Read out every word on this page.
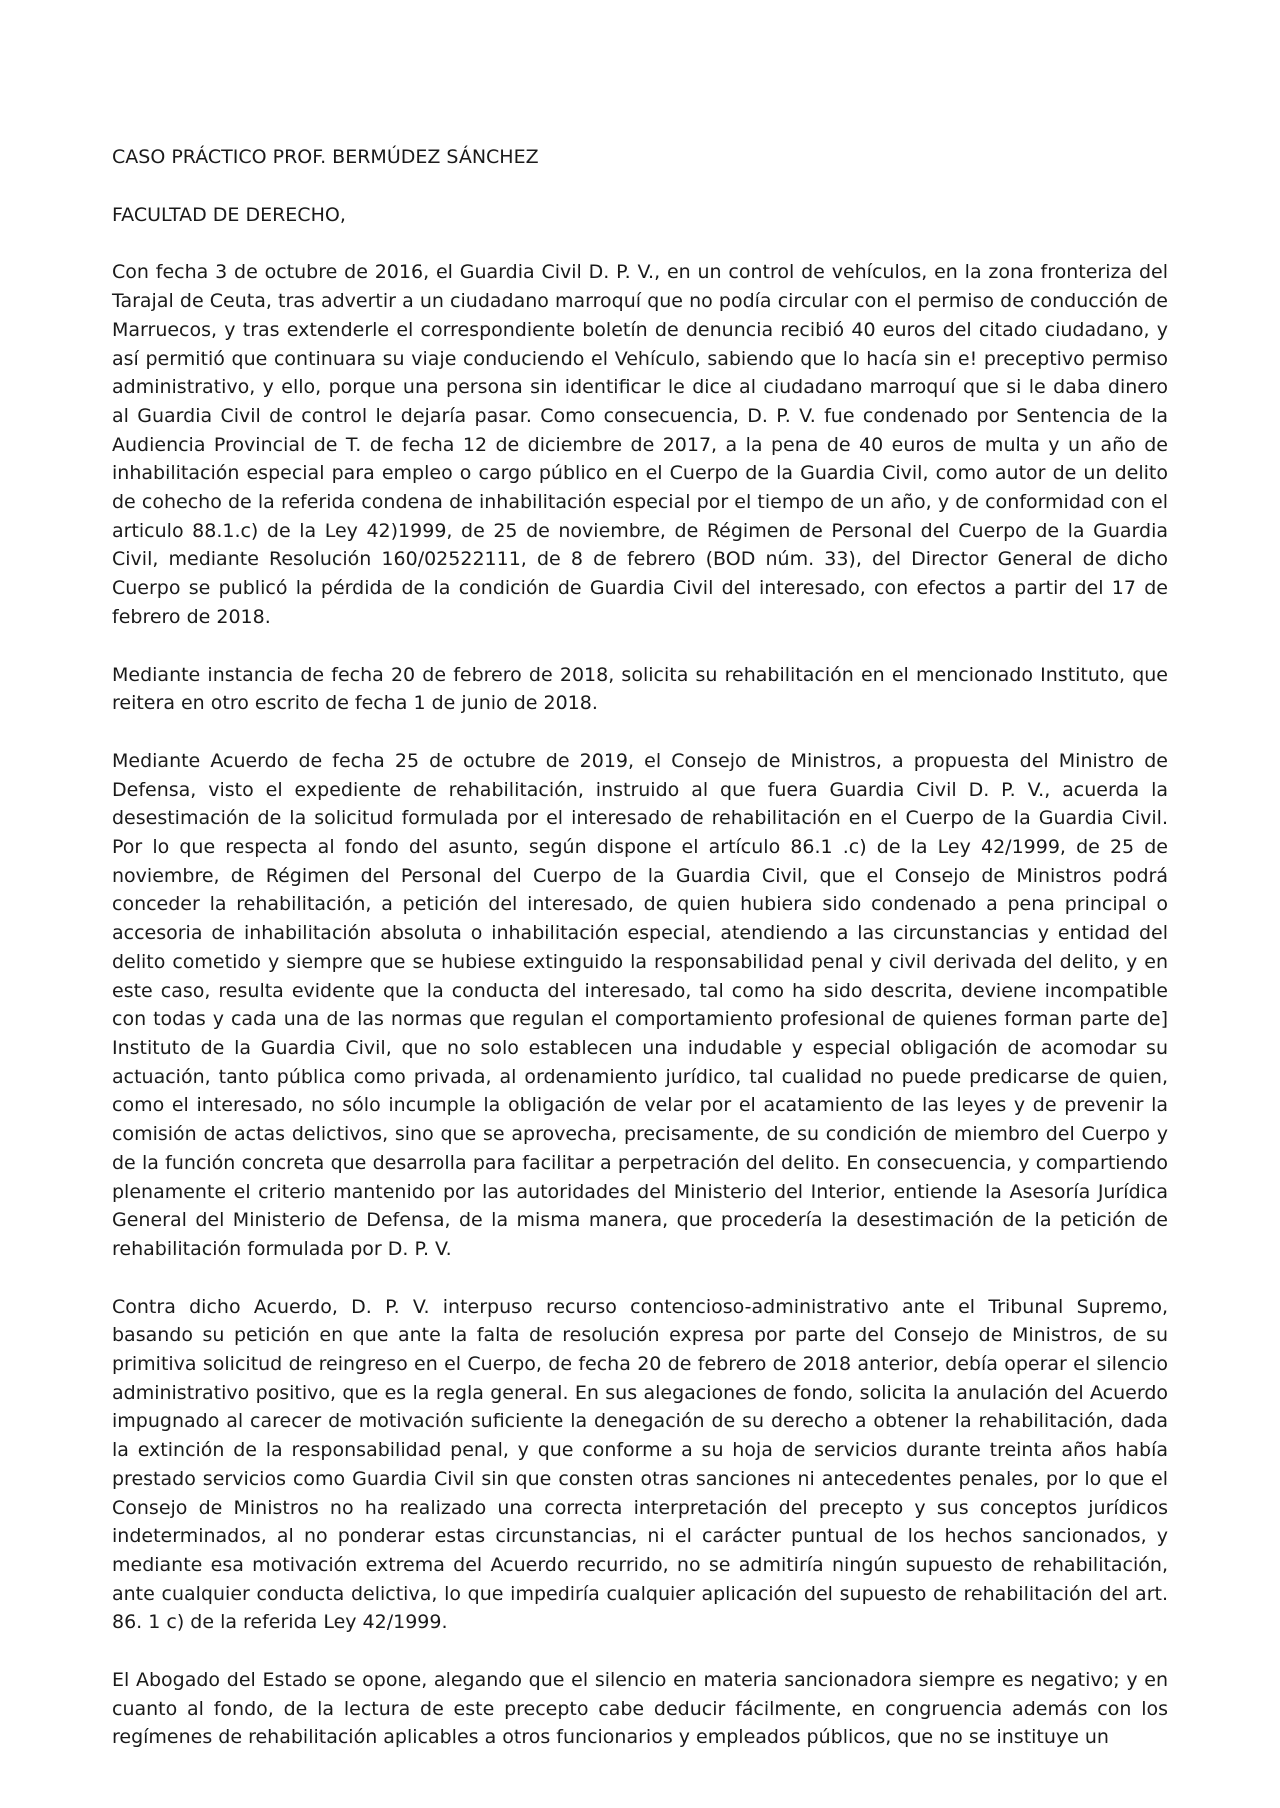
CASO PRÁCTICO PROF. BERMÚDEZ SÁNCHEZ

FACULTAD DE DERECHO,

Con fecha 3 de octubre de 2016, el Guardia Civil D. P. V., en un control de vehículos, en la zona fronteriza del Tarajal de Ceuta, tras advertir a un ciudadano marroquí que no podía circular con el permiso de conducción de Marruecos, y tras extenderle el correspondiente boletín de denuncia recibió 40 euros del citado ciudadano, y así permitió que continuara su viaje conduciendo el Vehículo, sabiendo que lo hacía sin e! preceptivo permiso administrativo, y ello, porque una persona sin identificar le dice al ciudadano marroquí que si le daba dinero al Guardia Civil de control le dejaría pasar. Como consecuencia, D. P. V. fue condenado por Sentencia de la Audiencia Provincial de T. de fecha 12 de diciembre de 2017, a la pena de 40 euros de multa y un año de inhabilitación especial para empleo o cargo público en el Cuerpo de la Guardia Civil, como autor de un delito de cohecho de la referida condena de inhabilitación especial por el tiempo de un año, y de conformidad con el articulo 88.1.c) de la Ley 42)1999, de 25 de noviembre, de Régimen de Personal del Cuerpo de la Guardia Civil, mediante Resolución 160/02522111, de 8 de febrero (BOD núm. 33), del Director General de dicho Cuerpo se publicó la pérdida de la condición de Guardia Civil del interesado, con efectos a partir del 17 de febrero de 2018.

Mediante instancia de fecha 20 de febrero de 2018, solicita su rehabilitación en el mencionado Instituto, que reitera en otro escrito de fecha 1 de junio de 2018.

Mediante Acuerdo de fecha 25 de octubre de 2019, el Consejo de Ministros, a propuesta del Ministro de Defensa, visto el expediente de rehabilitación, instruido al que fuera Guardia Civil D. P. V., acuerda la desestimación de la solicitud formulada por el interesado de rehabilitación en el Cuerpo de la Guardia Civil. Por lo que respecta al fondo del asunto, según dispone el artículo 86.1 .c) de la Ley 42/1999, de 25 de noviembre, de Régimen del Personal del Cuerpo de la Guardia Civil, que el Consejo de Ministros podrá conceder la rehabilitación, a petición del interesado, de quien hubiera sido condenado a pena principal o accesoria de inhabilitación absoluta o inhabilitación especial, atendiendo a las circunstancias y entidad del delito cometido y siempre que se hubiese extinguido la responsabilidad penal y civil derivada del delito, y en este caso, resulta evidente que la conducta del interesado, tal como ha sido descrita, deviene incompatible con todas y cada una de las normas que regulan el comportamiento profesional de quienes forman parte de] Instituto de la Guardia Civil, que no solo establecen una indudable y especial obligación de acomodar su actuación, tanto pública como privada, al ordenamiento jurídico, tal cualidad no puede predicarse de quien, como el interesado, no sólo incumple la obligación de velar por el acatamiento de las leyes y de prevenir la comisión de actas delictivos, sino que se aprovecha, precisamente, de su condición de miembro del Cuerpo y de la función concreta que desarrolla para facilitar a perpetración del delito. En consecuencia, y compartiendo plenamente el criterio mantenido por las autoridades del Ministerio del Interior, entiende la Asesoría Jurídica General del Ministerio de Defensa, de la misma manera, que procedería la desestimación de la petición de rehabilitación formulada por D. P. V.

Contra dicho Acuerdo, D. P. V. interpuso recurso contencioso-administrativo ante el Tribunal Supremo, basando su petición en que ante la falta de resolución expresa por parte del Consejo de Ministros, de su primitiva solicitud de reingreso en el Cuerpo, de fecha 20 de febrero de 2018 anterior, debía operar el silencio administrativo positivo, que es la regla general. En sus alegaciones de fondo, solicita la anulación del Acuerdo impugnado al carecer de motivación suficiente la denegación de su derecho a obtener la rehabilitación, dada la extinción de la responsabilidad penal, y que conforme a su hoja de servicios durante treinta años había prestado servicios como Guardia Civil sin que consten otras sanciones ni antecedentes penales, por lo que el Consejo de Ministros no ha realizado una correcta interpretación del precepto y sus conceptos jurídicos indeterminados, al no ponderar estas circunstancias, ni el carácter puntual de los hechos sancionados, y mediante esa motivación extrema del Acuerdo recurrido, no se admitiría ningún supuesto de rehabilitación, ante cualquier conducta delictiva, lo que impediría cualquier aplicación del supuesto de rehabilitación del art. 86. 1 c) de la referida Ley 42/1999.

El Abogado del Estado se opone, alegando que el silencio en materia sancionadora siempre es negativo; y en cuanto al fondo, de la lectura de este precepto cabe deducir fácilmente, en congruencia además con los regímenes de rehabilitación aplicables a otros funcionarios y empleados públicos, que no se instituye un
